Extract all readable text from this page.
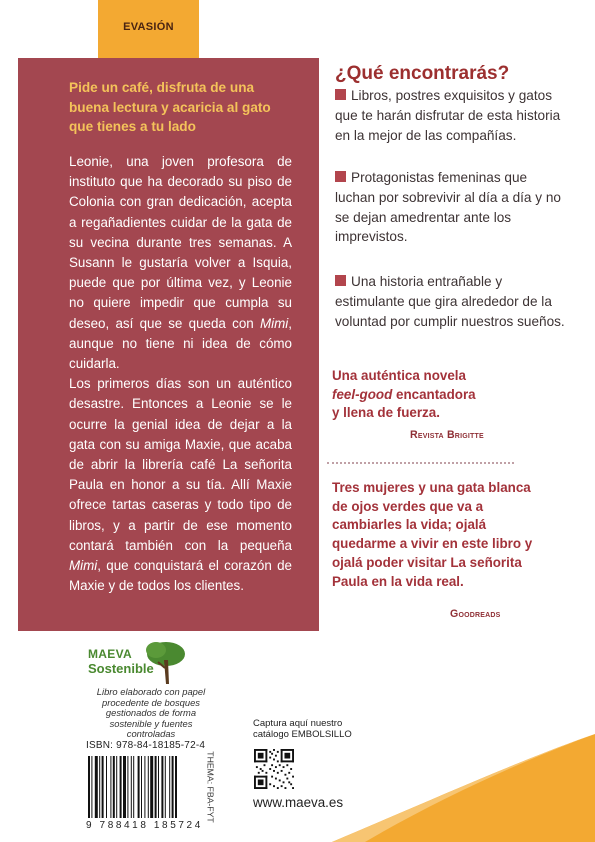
EVASIÓN
Pide un café, disfruta de una buena lectura y acaricia al gato que tienes a tu lado

Leonie, una joven profesora de instituto que ha decorado su piso de Colonia con gran dedicación, acepta a regañadientes cuidar de la gata de su vecina durante tres semanas. A Susann le gustaría volver a Isquia, puede que por última vez, y Leonie no quiere impedir que cumpla su deseo, así que se queda con Mimi, aunque no tiene ni idea de cómo cuidarla.

Los primeros días son un auténtico desastre. Entonces a Leonie se le ocurre la genial idea de dejar a la gata con su amiga Maxie, que acaba de abrir la librería café La señorita Paula en honor a su tía. Allí Maxie ofrece tartas caseras y todo tipo de libros, y a partir de ese momento contará también con la pequeña Mimi, que conquistará el corazón de Maxie y de todos los clientes.

¿Qué encontrarás?
Libros, postres exquisitos y gatos que te harán disfrutar de esta historia en la mejor de las compañías.
Protagonistas femeninas que luchan por sobrevivir al día a día y no se dejan amedrentar ante los imprevistos.
Una historia entrañable y estimulante que gira alrededor de la voluntad por cumplir nuestros sueños.
Una auténtica novela
feel-good encantadora
y llena de fuerza.
Revista Brigitte
Tres mujeres y una gata blanca de ojos verdes que va a cambiarles la vida; ojalá quedarme a vivir en este libro y ojalá poder visitar La señorita Paula en la vida real.
Goodreads
MAEVA
Sostenible
Libro elaborado con papel procedente de bosques gestionados de forma sostenible y fuentes controladas
ISBN: 978-84-18185-72-4
9 788418 185724
THEMA: FBA-FYT
Captura aquí nuestro catálogo EMBOLSILLO
www.maeva.es
